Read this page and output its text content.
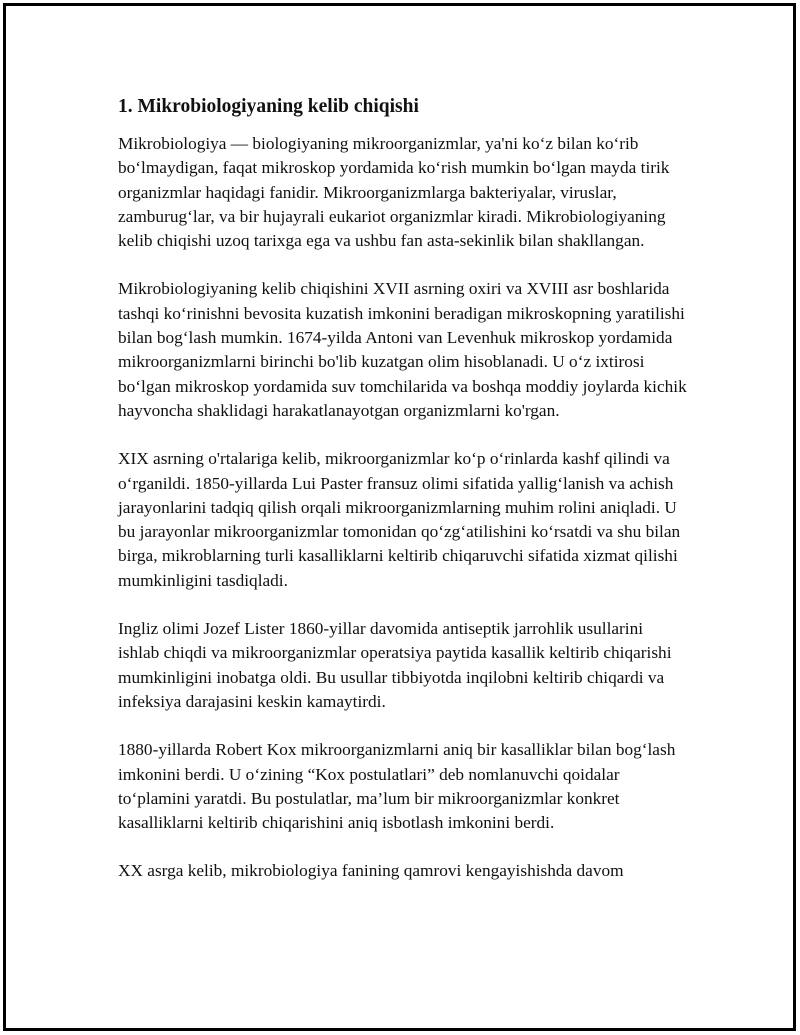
1. Mikrobiologiyaning kelib chiqishi

Mikrobiologiya — biologiyaning mikroorganizmlar, ya'ni ko‘z bilan ko‘rib bo‘lmaydigan, faqat mikroskop yordamida ko‘rish mumkin bo‘lgan mayda tirik organizmlar haqidagi fanidir. Mikroorganizmlarga bakteriyalar, viruslar, zamburug‘lar, va bir hujayrali eukariot organizmlar kiradi. Mikrobiologiyaning kelib chiqishi uzoq tarixga ega va ushbu fan asta-sekinlik bilan shakllangan.

Mikrobiologiyaning kelib chiqishini XVII asrning oxiri va XVIII asr boshlarida tashqi ko‘rinishni bevosita kuzatish imkonini beradigan mikroskopning yaratilishi bilan bog‘lash mumkin. 1674-yilda Antoni van Levenhuk mikroskop yordamida mikroorganizmlarni birinchi bo'lib kuzatgan olim hisoblanadi. U o‘z ixtirosi bo‘lgan mikroskop yordamida suv tomchilarida va boshqa moddiy joylarda kichik hayvoncha shaklidagi harakatlanayotgan organizmlarni ko'rgan.

XIX asrning o'rtalariga kelib, mikroorganizmlar ko‘p o‘rinlarda kashf qilindi va o‘rganildi. 1850-yillarda Lui Paster fransuz olimi sifatida yallig‘lanish va achish jarayonlarini tadqiq qilish orqali mikroorganizmlarning muhim rolini aniqladi. U bu jarayonlar mikroorganizmlar tomonidan qo‘zg‘atilishini ko‘rsatdi va shu bilan birga, mikroblarning turli kasalliklarni keltirib chiqaruvchi sifatida xizmat qilishi mumkinligini tasdiqladi.

Ingliz olimi Jozef Lister 1860-yillar davomida antiseptik jarrohlik usullarini ishlab chiqdi va mikroorganizmlar operatsiya paytida kasallik keltirib chiqarishi mumkinligini inobatga oldi. Bu usullar tibbiyotda inqilobni keltirib chiqardi va infeksiya darajasini keskin kamaytirdi.

1880-yillarda Robert Kox mikroorganizmlarni aniq bir kasalliklar bilan bog‘lash imkonini berdi. U o‘zining “Kox postulatlari” deb nomlanuvchi qoidalar to‘plamini yaratdi. Bu postulatlar, ma’lum bir mikroorganizmlar konkret kasalliklarni keltirib chiqarishini aniq isbotlash imkonini berdi.

XX asrga kelib, mikrobiologiya fanining qamrovi kengayishishda davom
